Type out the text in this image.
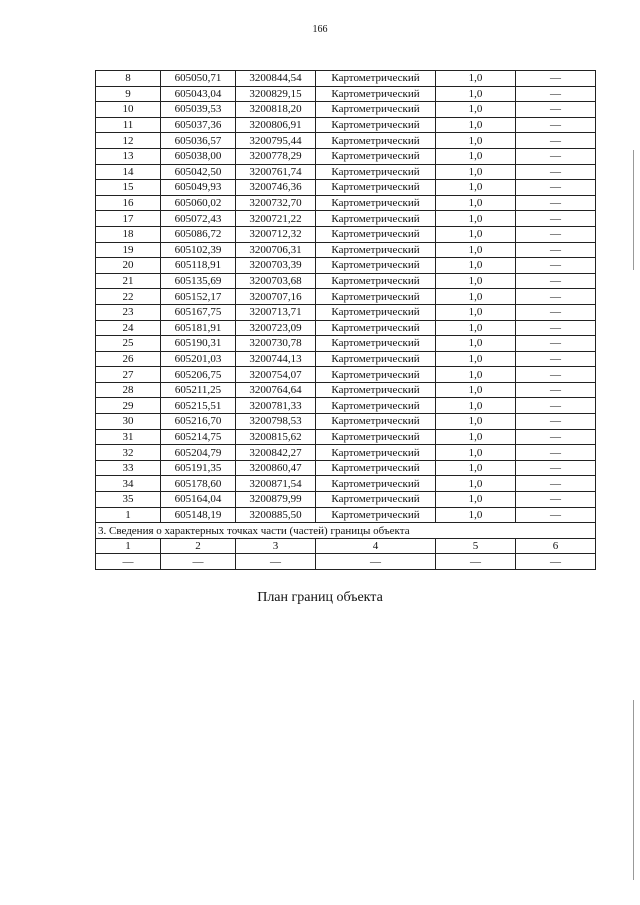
166
8	605050,71	3200844,54	Картометрический	1,0	—
9	605043,04	3200829,15	Картометрический	1,0	—
10	605039,53	3200818,20	Картометрический	1,0	—
11	605037,36	3200806,91	Картометрический	1,0	—
12	605036,57	3200795,44	Картометрический	1,0	—
13	605038,00	3200778,29	Картометрический	1,0	—
14	605042,50	3200761,74	Картометрический	1,0	—
15	605049,93	3200746,36	Картометрический	1,0	—
16	605060,02	3200732,70	Картометрический	1,0	—
17	605072,43	3200721,22	Картометрический	1,0	—
18	605086,72	3200712,32	Картометрический	1,0	—
19	605102,39	3200706,31	Картометрический	1,0	—
20	605118,91	3200703,39	Картометрический	1,0	—
21	605135,69	3200703,68	Картометрический	1,0	—
22	605152,17	3200707,16	Картометрический	1,0	—
23	605167,75	3200713,71	Картометрический	1,0	—
24	605181,91	3200723,09	Картометрический	1,0	—
25	605190,31	3200730,78	Картометрический	1,0	—
26	605201,03	3200744,13	Картометрический	1,0	—
27	605206,75	3200754,07	Картометрический	1,0	—
28	605211,25	3200764,64	Картометрический	1,0	—
29	605215,51	3200781,33	Картометрический	1,0	—
30	605216,70	3200798,53	Картометрический	1,0	—
31	605214,75	3200815,62	Картометрический	1,0	—
32	605204,79	3200842,27	Картометрический	1,0	—
33	605191,35	3200860,47	Картометрический	1,0	—
34	605178,60	3200871,54	Картометрический	1,0	—
35	605164,04	3200879,99	Картометрический	1,0	—
1	605148,19	3200885,50	Картометрический	1,0	—
3. Сведения о характерных точках части (частей) границы объекта					
1	2	3	4	5	6
—	—	—	—	—	—
План границ объекта
